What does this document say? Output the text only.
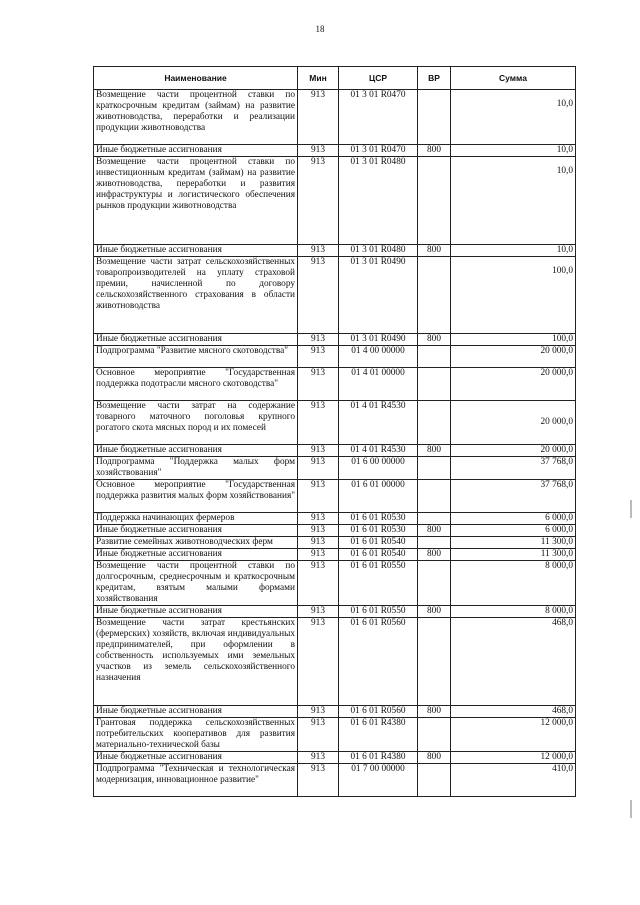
18
Наименование	Мин	ЦСР	ВР	Сумма
Возмещение части процентной ставки по краткосрочным кредитам (займам) на развитие животноводства, переработки и реализации продукции животноводства	913	01 3 01 R0470		10,0
Иные бюджетные ассигнования	913	01 3 01 R0470	800	10,0
Возмещение части процентной ставки по инвестиционным кредитам (займам) на развитие животноводства, переработки и развития инфраструктуры и логистического обеспечения рынков продукции животноводства	913	01 3 01 R0480		10,0
Иные бюджетные ассигнования	913	01 3 01 R0480	800	10,0
Возмещение части затрат сельскохозяйственных товаропроизводителей на уплату страховой премии, начисленной по договору сельскохозяйственного страхования в области животноводства	913	01 3 01 R0490		100,0
Иные бюджетные ассигнования	913	01 3 01 R0490	800	100,0
Подпрограмма "Развитие мясного скотоводства"	913	01 4 00 00000		20 000,0
Основное мероприятие "Государственная поддержка подотрасли мясного скотоводства"	913	01 4 01 00000		20 000,0
Возмещение части затрат на содержание товарного маточного поголовья крупного рогатого скота мясных пород и их помесей	913	01 4 01 R4530		20 000,0
Иные бюджетные ассигнования	913	01 4 01 R4530	800	20 000,0
Подпрограмма "Поддержка малых форм хозяйствования"	913	01 6 00 00000		37 768,0
Основное мероприятие "Государственная поддержка развития малых форм хозяйствования"	913	01 6 01 00000		37 768,0
Поддержка начинающих фермеров	913	01 6 01 R0530		6 000,0
Иные бюджетные ассигнования	913	01 6 01 R0530	800	6 000,0
Развитие семейных животноводческих ферм	913	01 6 01 R0540		11 300,0
Иные бюджетные ассигнования	913	01 6 01 R0540	800	11 300,0
Возмещение части процентной ставки по долгосрочным, среднесрочным и краткосрочным кредитам, взятым малыми формами хозяйствования	913	01 6 01 R0550		8 000,0
Иные бюджетные ассигнования	913	01 6 01 R0550	800	8 000,0
Возмещение части затрат крестьянских (фермерских) хозяйств, включая индивидуальных предпринимателей, при оформлении в собственность используемых ими земельных участков из земель сельскохозяйственного назначения	913	01 6 01 R0560		468,0
Иные бюджетные ассигнования	913	01 6 01 R0560	800	468,0
Грантовая поддержка сельскохозяйственных потребительских кооперативов для развития материально-технической базы	913	01 6 01 R4380		12 000,0
Иные бюджетные ассигнования	913	01 6 01 R4380	800	12 000,0
Подпрограмма "Техническая и технологическая модернизация, инновационное развитие"	913	01 7 00 00000		410,0
